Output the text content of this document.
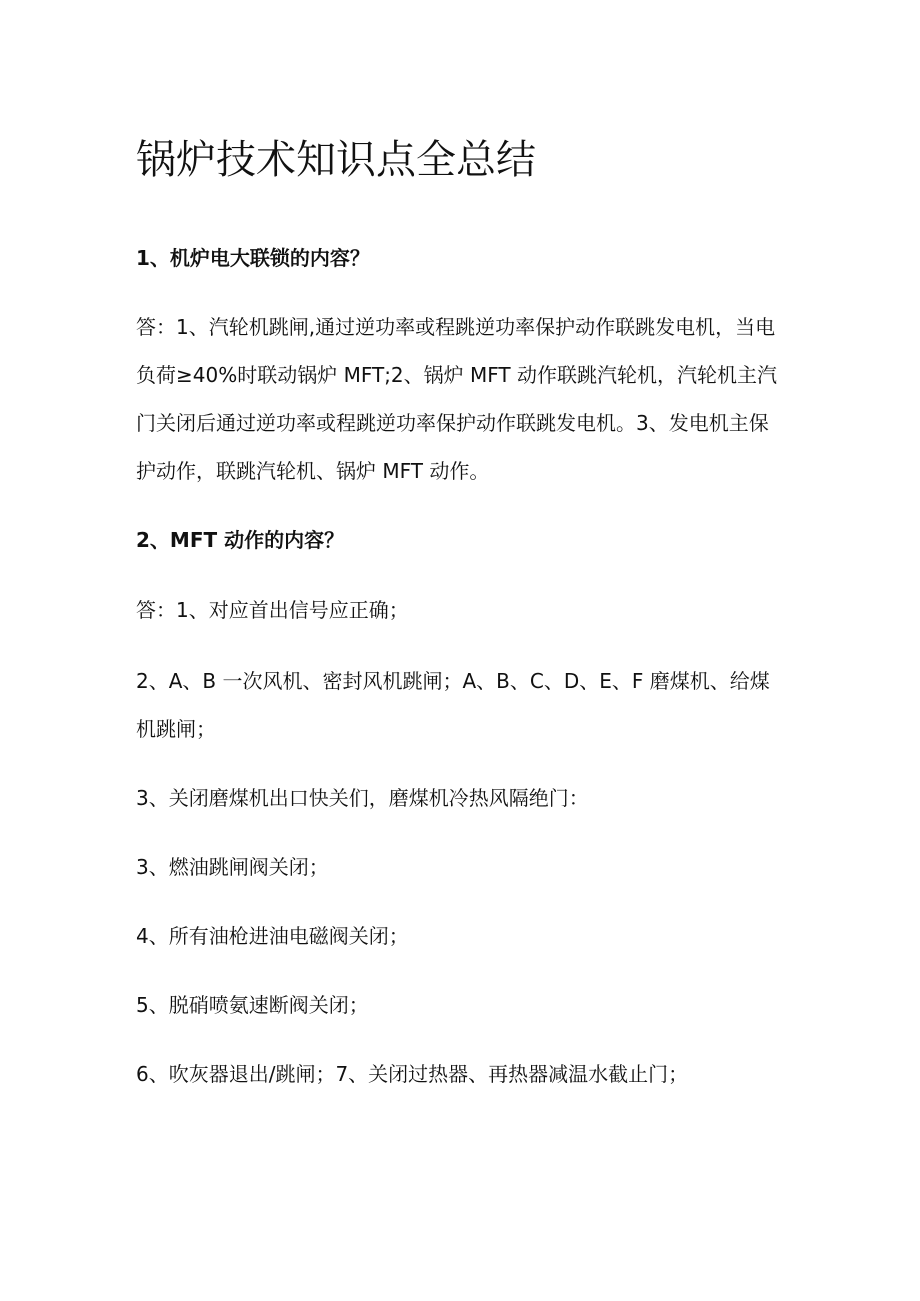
锅炉技术知识点全总结

1、机炉电大联锁的内容？

答：1、汽轮机跳闸,通过逆功率或程跳逆功率保护动作联跳发电机，当电

负荷≥40%时联动锅炉 MFT;2、锅炉 MFT 动作联跳汽轮机，汽轮机主汽

门关闭后通过逆功率或程跳逆功率保护动作联跳发电机。3、发电机主保

护动作，联跳汽轮机、锅炉 MFT 动作。

2、MFT 动作的内容？

答：1、对应首出信号应正确；

2、A、B 一次风机、密封风机跳闸；A、B、C、D、E、F 磨煤机、给煤

机跳闸；

3、关闭磨煤机出口快关们，磨煤机冷热风隔绝门：

3、燃油跳闸阀关闭；

4、所有油枪进油电磁阀关闭；

5、脱硝喷氨速断阀关闭；

6、吹灰器退出/跳闸；7、关闭过热器、再热器减温水截止门；
